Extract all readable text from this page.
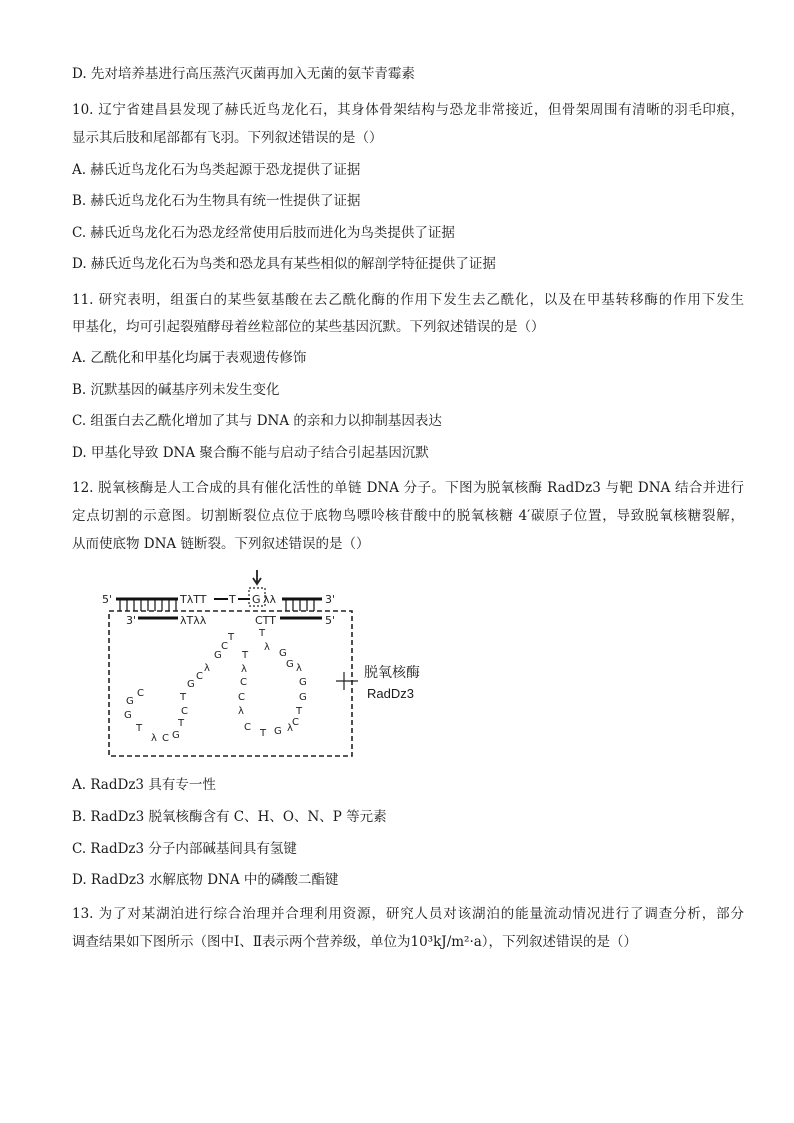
D. 先对培养基进行高压蒸汽灭菌再加入无菌的氨苄青霉素
10. 辽宁省建昌县发现了赫氏近鸟龙化石，其身体骨架结构与恐龙非常接近，但骨架周围有清晰的羽毛印痕，
显示其后肢和尾部都有飞羽。下列叙述错误的是（）
A. 赫氏近鸟龙化石为鸟类起源于恐龙提供了证据
B. 赫氏近鸟龙化石为生物具有统一性提供了证据
C. 赫氏近鸟龙化石为恐龙经常使用后肢而进化为鸟类提供了证据
D. 赫氏近鸟龙化石为鸟类和恐龙具有某些相似的解剖学特征提供了证据
11. 研究表明，组蛋白的某些氨基酸在去乙酰化酶的作用下发生去乙酰化，以及在甲基转移酶的作用下发生
甲基化，均可引起裂殖酵母着丝粒部位的某些基因沉默。下列叙述错误的是（）
A. 乙酰化和甲基化均属于表观遗传修饰
B. 沉默基因的碱基序列未发生变化
C. 组蛋白去乙酰化增加了其与 DNA 的亲和力以抑制基因表达
D. 甲基化导致 DNA 聚合酶不能与启动子结合引起基因沉默
12. 脱氧核酶是人工合成的具有催化活性的单链 DNA 分子。下图为脱氧核酶 RadDz3 与靶 DNA 结合并进行
定点切割的示意图。切割断裂位点位于底物鸟嘌呤核苷酸中的脱氧核糖 4′碳原子位置，导致脱氧核糖裂解，
从而使底物 DNA 链断裂。下列叙述错误的是（）
5'	TλTT T G λλ	3'
3'	λTλλ	CTT	5'
T
λ
G
G λ
G
G
T
C
λ
G
T
C
λ
C
C
λ
T
T
C
G
λ
C
G
T
C
T
G
C
λ
T
G
G
C
脱氧核酶
RadDz3
A. RadDz3 具有专一性
B. RadDz3 脱氧核酶含有 C、H、O、N、P 等元素
C. RadDz3 分子内部碱基间具有氢键
D. RadDz3 水解底物 DNA 中的磷酸二酯键
13. 为了对某湖泊进行综合治理并合理利用资源，研究人员对该湖泊的能量流动情况进行了调查分析，部分
调查结果如下图所示（图中Ⅰ、Ⅱ表示两个营养级，单位为10³kJ/m²·a），下列叙述错误的是（）
